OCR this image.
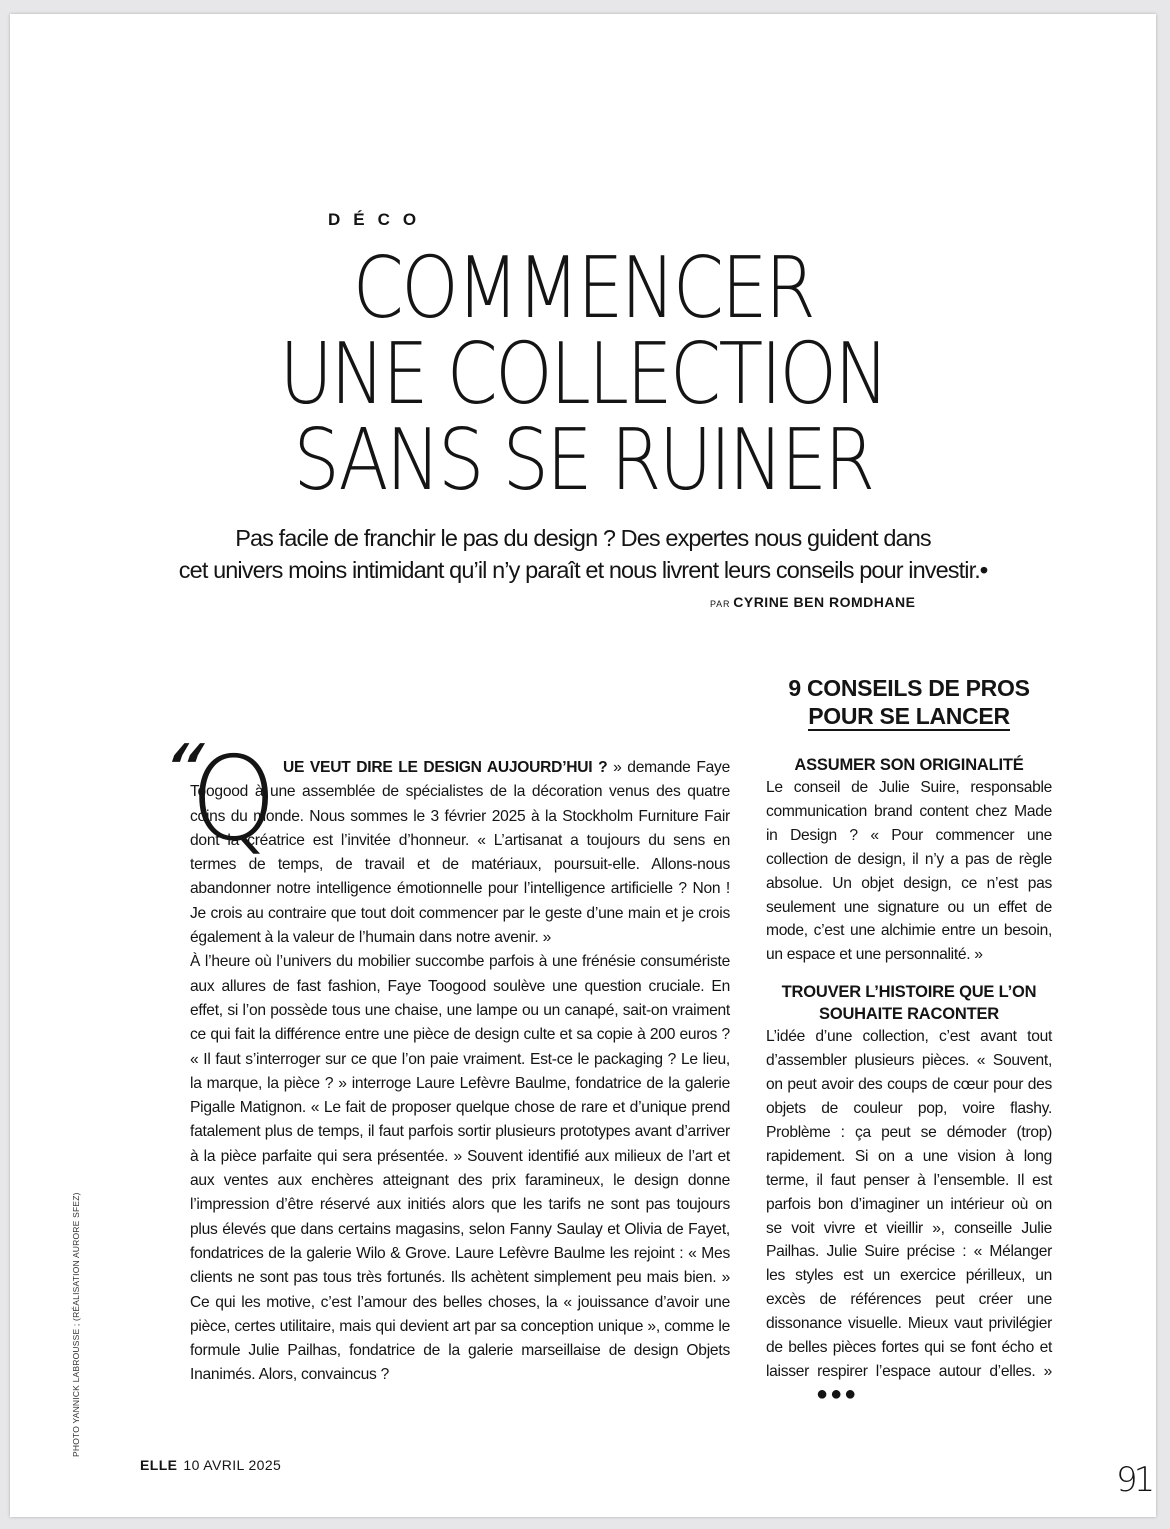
DÉCO
COMMENCER
UNE COLLECTION
SANS SE RUINER
Pas facile de franchir le pas du design ? Des expertes nous guident dans
cet univers moins intimidant qu’il n’y paraît et nous livrent leurs conseils pour investir.•
PAR CYRINE BEN ROMDHANE
“
Q UE VEUT DIRE LE DESIGN AUJOURD’HUI ? » demande Faye Toogood à une assemblée de spécialistes de la décoration venus des quatre coins du monde. Nous sommes le 3 février 2025 à la Stockholm Furniture Fair dont la créatrice est l’invitée d’honneur. « L’artisanat a toujours du sens en termes de temps, de travail et de matériaux, poursuit-elle. Allons-nous abandonner notre intelligence émotionnelle pour l’intelligence artificielle ? Non ! Je crois au contraire que tout doit commencer par le geste d’une main et je crois également à la valeur de l’humain dans notre avenir. »

À l’heure où l’univers du mobilier succombe parfois à une frénésie consumériste aux allures de fast fashion, Faye Toogood soulève une question cruciale. En effet, si l’on possède tous une chaise, une lampe ou un canapé, sait-on vraiment ce qui fait la différence entre une pièce de design culte et sa copie à 200 euros ? « Il faut s’interroger sur ce que l’on paie vraiment. Est-ce le packaging ? Le lieu, la marque, la pièce ? » interroge Laure Lefèvre Baulme, fondatrice de la galerie Pigalle Matignon. « Le fait de proposer quelque chose de rare et d’unique prend fatalement plus de temps, il faut parfois sortir plusieurs prototypes avant d’arriver à la pièce parfaite qui sera présentée. » Souvent identifié aux milieux de l’art et aux ventes aux enchères atteignant des prix faramineux, le design donne l’impression d’être réservé aux initiés alors que les tarifs ne sont pas toujours plus élevés que dans certains magasins, selon Fanny Saulay et Olivia de Fayet, fondatrices de la galerie Wilo & Grove. Laure Lefèvre Baulme les rejoint : « Mes clients ne sont pas tous très fortunés. Ils achètent simplement peu mais bien. » Ce qui les motive, c’est l’amour des belles choses, la « jouissance d’avoir une pièce, certes utilitaire, mais qui devient art par sa conception unique », comme le formule Julie Pailhas, fondatrice de la galerie marseillaise de design Objets Inanimés. Alors, convaincus ?

9 CONSEILS DE PROS
POUR SE LANCER
ASSUMER SON ORIGINALITÉ

Le conseil de Julie Suire, responsable communication brand content chez Made in Design ? « Pour commencer une collection de design, il n’y a pas de règle absolue. Un objet design, ce n’est pas seulement une signature ou un effet de mode, c’est une alchimie entre un besoin, un espace et une personnalité. »

TROUVER L’HISTOIRE QUE L’ON SOUHAITE RACONTER

L’idée d’une collection, c’est avant tout d’assembler plusieurs pièces. « Souvent, on peut avoir des coups de cœur pour des objets de couleur pop, voire flashy. Problème : ça peut se démoder (trop) rapidement. Si on a une vision à long terme, il faut penser à l’ensemble. Il est parfois bon d’imaginer un intérieur où on se voit vivre et vieillir », conseille Julie Pailhas. Julie Suire précise : « Mélanger les styles est un exercice périlleux, un excès de références peut créer une dissonance visuelle. Mieux vaut privilégier de belles pièces fortes qui se font écho et laisser respirer l’espace autour d’elles. »●●●

PHOTO YANNICK LABROUSSE ; (RÉALISATION AURORE SFEZ)
ELLE 10 AVRIL 2025	91
